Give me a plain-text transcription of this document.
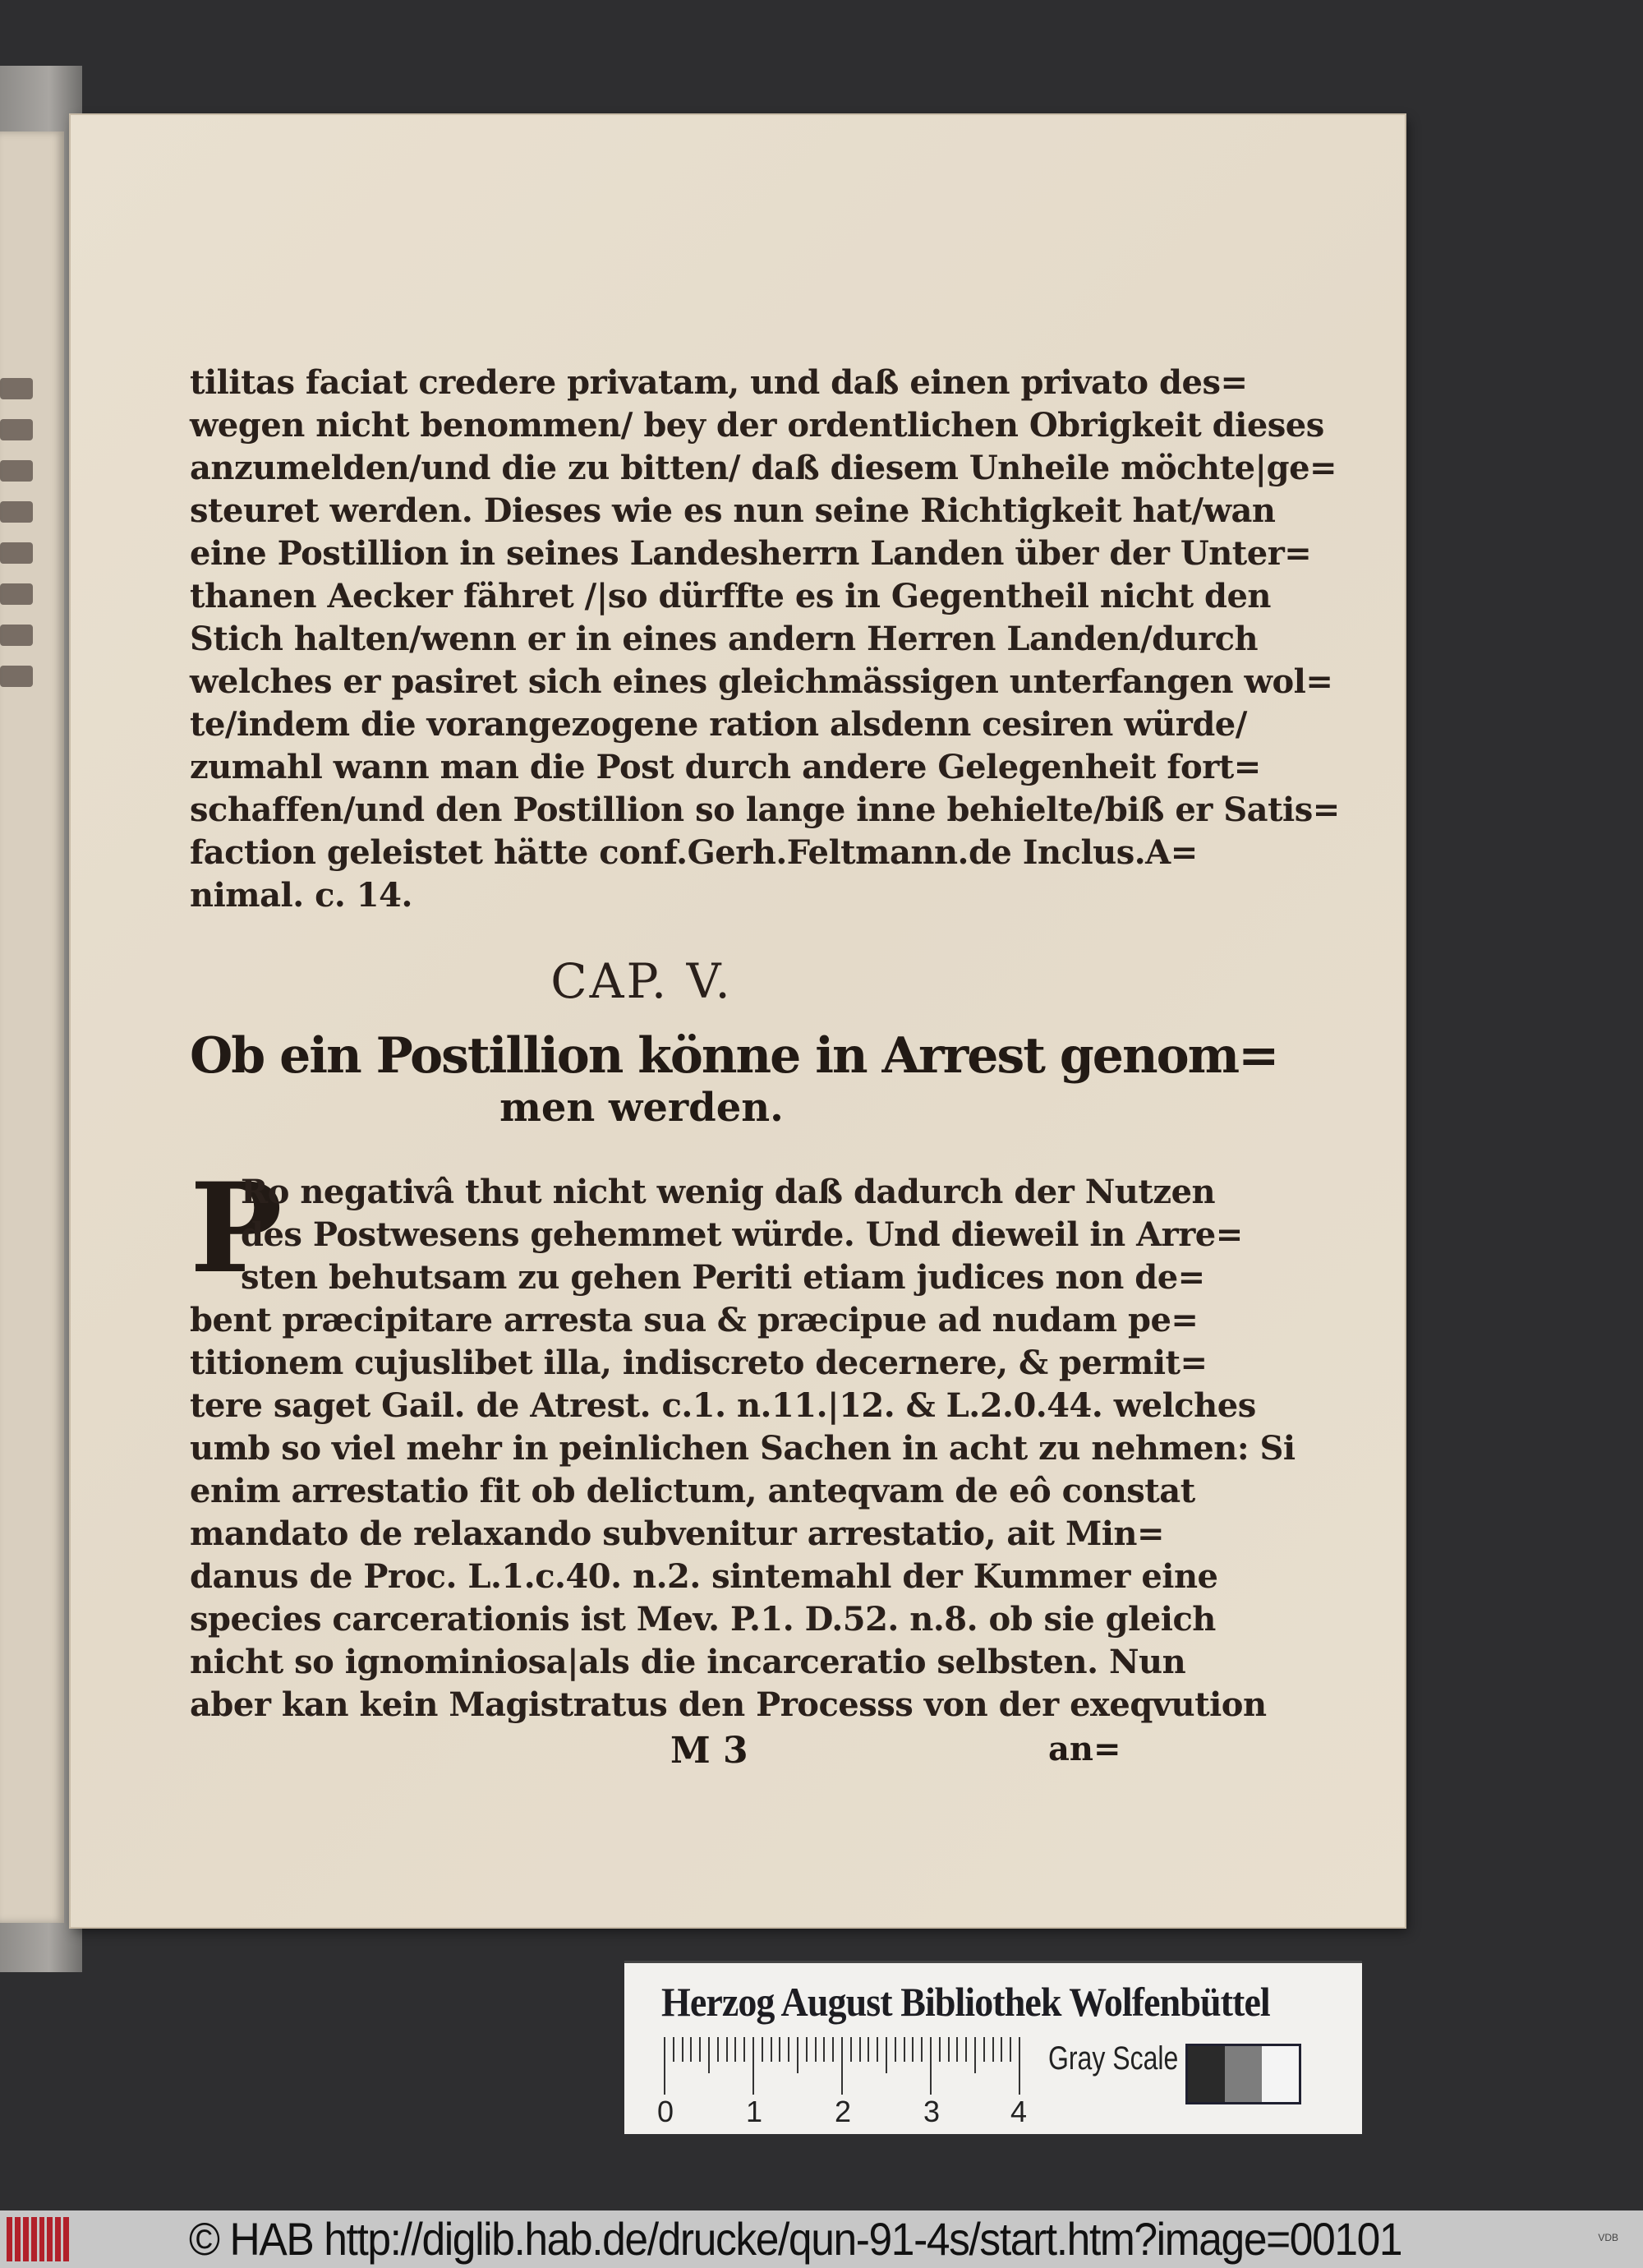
tilitas faciat credere privatam, und daß einen privato des=
wegen nicht benommen/ bey der ordentlichen Obrigkeit dieses
anzumelden/und die zu bitten/ daß diesem Unheile möchte|ge=
steuret werden. Dieses wie es nun seine Richtigkeit hat/wan
eine Postillion in seines Landesherrn Landen über der Unter=
thanen Aecker fähret /|so dürffte es in Gegentheil nicht den
Stich halten/wenn er in eines andern Herren Landen/durch
welches er pasiret sich eines gleichmässigen unterfangen wol=
te/indem die vorangezogene ration alsdenn cesiren würde/
zumahl wann man die Post durch andere Gelegenheit fort=
schaffen/und den Postillion so lange inne behielte/biß er Satis=
faction geleistet hätte conf.Gerh.Feltmann.de Inclus.A=
nimal. c. 14.
CAP. V.
Ob ein Postillion könne in Arrest genom=
men werden.
P
Ro negativâ thut nicht wenig daß dadurch der Nutzen
des Postwesens gehemmet würde. Und dieweil in Arre=
sten behutsam zu gehen Periti etiam judices non de=
bent præcipitare arresta sua & præcipue ad nudam pe=
titionem cujuslibet illa, indiscreto decernere, & permit=
tere saget Gail. de Atrest. c.1. n.11.|12. & L.2.0.44. welches
umb so viel mehr in peinlichen Sachen in acht zu nehmen: Si
enim arrestatio fit ob delictum, anteqvam de eô constat
mandato de relaxando subvenitur arrestatio, ait Min=
danus de Proc. L.1.c.40. n.2. sintemahl der Kummer eine
species carcerationis ist Mev. P.1. D.52. n.8. ob sie gleich
nicht so ignominiosa|als die incarceratio selbsten. Nun
aber kan kein Magistratus den Processs von der exeqvution
M 3	an=
Herzog August Bibliothek Wolfenbüttel
0 1 2 3 4
Gray Scale
© HAB http://diglib.hab.de/drucke/qun-91-4s/start.htm?image=00101	VDB
